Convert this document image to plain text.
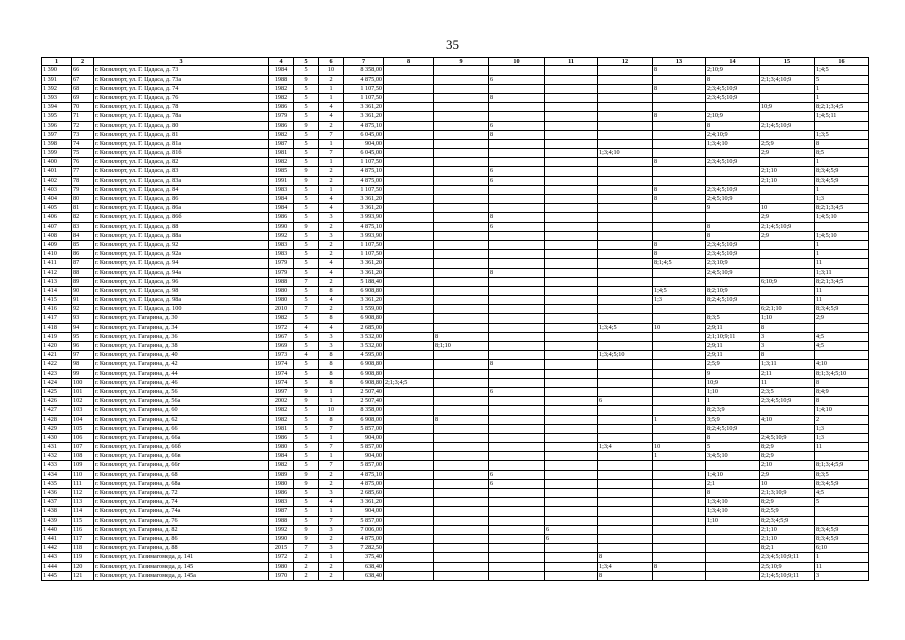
35
1	2	3	4	5	6	7	8	9	10	11	12	13	14	15	16
1 390	66	г. Кизилюрт, ул. Г. Цадаса, д. 73	1984	5	10	8 358,00						8	2;10;9		1;4;5
1 391	67	г. Кизилюрт, ул. Г. Цадаса, д. 73а	1988	9	2	4 875,00			6				8	2;1;3;4;10;9	5
1 392	68	г. Кизилюрт, ул. Г. Цадаса, д. 74	1982	5	1	1 107,50						8	2;3;4;5;10;9		1
1 393	69	г. Кизилюрт, ул. Г. Цадаса, д. 76	1982	5	1	1 107,50			8				2;3;4;5;10;9		1
1 394	70	г. Кизилюрт, ул. Г. Цадаса, д. 78	1986	5	4	3 361,20								10;9	8;2;1;3;4;5
1 395	71	г. Кизилюрт, ул. Г. Цадаса, д. 78а	1979	5	4	3 361,20						8	2;10;9		1;4;5;11
1 396	72	г. Кизилюрт, ул. Г. Цадаса, д. 80	1986	9	2	4 875,10			6				8	2;1;4;5;10;9	
1 397	73	г. Кизилюрт, ул. Г. Цадаса, д. 81	1982	5	7	6 045,00			8				2;4;10;9		1;3;5
1 398	74	г. Кизилюрт, ул. Г. Цадаса, д. 81а	1987	5	1	904,00							1;3;4;10	2;5;9	8
1 399	75	г. Кизилюрт, ул. Г. Цадаса, д. 81б	1981	5	7	6 045,00					1;3;4;10			2;9	8;5
1 400	76	г. Кизилюрт, ул. Г. Цадаса, д. 82	1982	5	1	1 107,50						8	2;3;4;5;10;9		1
1 401	77	г. Кизилюрт, ул. Г. Цадаса, д. 83	1985	9	2	4 875,10			6					2;1;10	8;3;4;5;9
1 402	78	г. Кизилюрт, ул. Г. Цадаса, д. 83а	1991	9	2	4 875,00			6					2;1;10	8;3;4;5;9
1 403	79	г. Кизилюрт, ул. Г. Цадаса, д. 84	1983	5	1	1 107,50						8	2;3;4;5;10;9		1
1 404	80	г. Кизилюрт, ул. Г. Цадаса, д. 86	1984	5	4	3 361,20						8	2;4;5;10;9		1;3
1 405	81	г. Кизилюрт, ул. Г. Цадаса, д. 86а	1984	5	4	3 361,20							9	10	8;2;1;3;4;5
1 406	82	г. Кизилюрт, ул. Г. Цадаса, д. 86б	1986	5	3	3 993,90			8					2;9	1;4;5;10
1 407	83	г. Кизилюрт, ул. Г. Цадаса, д. 88	1990	9	2	4 875,10			6				8	2;1;4;5;10;9	
1 408	84	г. Кизилюрт, ул. Г. Цадаса, д. 88а	1992	5	3	3 993,90							8	2;9	1;4;5;10
1 409	85	г. Кизилюрт, ул. Г. Цадаса, д. 92	1983	5	2	1 107,50						8	2;3;4;5;10;9		1
1 410	86	г. Кизилюрт, ул. Г. Цадаса, д. 92а	1983	5	2	1 107,50						8	2;3;4;5;10;9		1
1 411	87	г. Кизилюрт, ул. Г. Цадаса, д. 94	1979	5	4	3 361,20						8;1;4;5	2;3;10;9		11
1 412	88	г. Кизилюрт, ул. Г. Цадаса, д. 94а	1979	5	4	3 361,20			8				2;4;5;10;9		1;3;11
1 413	89	г. Кизилюрт, ул. Г. Цадаса, д. 96	1988	7	2	5 188,40								6;10;9	8;2;1;3;4;5
1 414	90	г. Кизилюрт, ул. Г. Цадаса, д. 98	1980	5	8	6 908,80						1;4;5	8;2;10;9		11
1 415	91	г. Кизилюрт, ул. Г. Цадаса, д. 98а	1980	5	4	3 361,20						1;3	8;2;4;5;10;9		11
1 416	92	г. Кизилюрт, ул. Г. Цадаса, д. 100	2010	7	2	1 559,00								6;2;1;10	8;3;4;5;9
1 417	93	г. Кизилюрт, ул. Гагарина, д. 30	1982	5	8	6 908,80							8;3;5	1;10	2;9
1 418	94	г. Кизилюрт, ул. Гагарина, д. 34	1972	4	4	2 685,00					1;3;4;5	10	2;9;11	8	
1 419	95	г. Кизилюрт, ул. Гагарина, д. 36	1967	5	3	3 532,00		8					2;1;10;9;11	3	4;5
1 420	96	г. Кизилюрт, ул. Гагарина, д. 38	1969	5	3	3 532,00		8;1;10					2;9;11	3	4;5
1 421	97	г. Кизилюрт, ул. Гагарина, д. 40	1973	4	8	4 595,00					1;3;4;5;10		2;9;11	8	
1 422	98	г. Кизилюрт, ул. Гагарина, д. 42	1974	5	8	6 908,80			8				2;5;9	1;3;11	4;10
1 423	99	г. Кизилюрт, ул. Гагарина, д. 44	1974	5	8	6 908,80							9	2;11	8;1;3;4;5;10
1 424	100	г. Кизилюрт, ул. Гагарина, д. 46	1974	5	8	6 908,80	2;1;3;4;5						10;9	11	8
1 425	101	г. Кизилюрт, ул. Гагарина, д. 56	1997	9	1	2 507,40			6				1;10	2;3;5	8;4;9
1 426	102	г. Кизилюрт, ул. Гагарина, д. 56а	2002	9	1	2 507,40					6		1	2;3;4;5;10;9	8
1 427	103	г. Кизилюрт, ул. Гагарина, д. 60	1982	5	10	8 358,00							8;2;3;9		1;4;10
1 428	104	г. Кизилюрт, ул. Гагарина, д. 62	1982	5	8	6 908,00		8				1	3;5;9	4;10	2
1 429	105	г. Кизилюрт, ул. Гагарина, д. 66	1981	5	7	5 857,00							8;2;4;5;10;9		1;3
1 430	106	г. Кизилюрт, ул. Гагарина, д. 66а	1986	5	1	904,00							8	2;4;5;10;9	1;3
1 431	107	г. Кизилюрт, ул. Гагарина, д. 66б	1980	5	7	5 857,00					1;3;4	10	5	8;2;9	11
1 432	108	г. Кизилюрт, ул. Гагарина, д. 66в	1984	5	1	904,00						1	3;4;5;10	8;2;9	
1 433	109	г. Кизилюрт, ул. Гагарина, д. 66г	1982	5	7	5 857,00								2;10	8;1;3;4;5;9
1 434	110	г. Кизилюрт, ул. Гагарина, д. 68	1989	9	2	4 875,10			6				1;4;10	2;9	8;3;5
1 435	111	г. Кизилюрт, ул. Гагарина, д. 68а	1980	9	2	4 875,00			6				2;1	10	8;3;4;5;9
1 436	112	г. Кизилюрт, ул. Гагарина, д. 72	1986	5	3	2 685,60							8	2;1;3;10;9	4;5
1 437	113	г. Кизилюрт, ул. Гагарина, д. 74	1983	5	4	3 361,20							1;3;4;10	8;2;9	5
1 438	114	г. Кизилюрт, ул. Гагарина, д. 74а	1987	5	1	904,00							1;3;4;10	8;2;5;9	
1 439	115	г. Кизилюрт, ул. Гагарина, д. 76	1988	5	7	5 857,00							1;10	8;2;3;4;5;9	
1 440	116	г. Кизилюрт, ул. Гагарина, д. 82	1992	9	3	7 006,00				6				2;1;10	8;3;4;5;9
1 441	117	г. Кизилюрт, ул. Гагарина, д. 86	1990	9	2	4 875,00				6				2;1;10	8;3;4;5;9
1 442	118	г. Кизилюрт, ул. Гагарина, д. 88	2015	7	3	7 282,50								8;2;1	6;10
1 443	119	г. Кизилюрт, ул. Газимагомеда, д. 141	1972	2	1	375,40					8			2;3;4;5;10;9;11	1
1 444	120	г. Кизилюрт, ул. Газимагомеда, д. 145	1980	2	2	638,40					1;3;4	8		2;5;10;9	11
1 445	121	г. Кизилюрт, ул. Газимагомеда, д. 145а	1970	2	2	638,40					8			2;1;4;5;10;9;11	3
